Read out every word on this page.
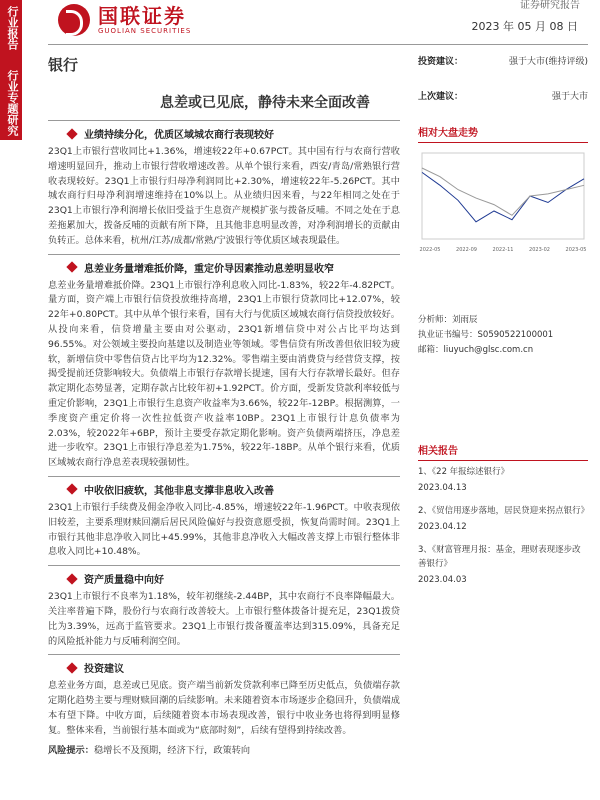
行业报告
行业专题研究
国联证券
GUOLIAN SECURITIES
证券研究报告
2023 年 05 月 08 日
银行
息差或已见底，静待未来全面改善
业绩持续分化，优质区域城农商行表现较好

23Q1上市银行营收同比+1.36%，增速较22年+0.67PCT。其中国有行与农商行营收增速明显回升，推动上市银行营收增速改善。从单个银行来看，西安/青岛/常熟银行营收表现较好。23Q1上市银行归母净利润同比+2.30%，增速较22年-5.26PCT。其中城农商行归母净利润增速维持在10%以上。从业绩归因来看，与22年相同之处在于23Q1上市银行净利润增长依旧受益于生息资产规模扩张与拨备反哺。不同之处在于息差拖累加大，拨备反哺的贡献有所下降，且其他非息明显改善，对净利润增长的贡献由负转正。总体来看，杭州/江苏/成都/常熟/宁波银行等优质区域表现最佳。

息差业务量增难抵价降，重定价导因素推动息差明显收窄

息差业务量增难抵价降。23Q1上市银行净利息收入同比-1.83%，较22年-4.82PCT。量方面，资产端上市银行信贷投放维持高增，23Q1上市银行贷款同比+12.07%，较22年+0.80PCT。其中从单个银行来看，国有大行与优质区域城农商行信贷投放较好。从投向来看，信贷增量主要由对公驱动，23Q1新增信贷中对公占比平均达到96.55%。对公领域主要投向基建以及制造业等领域。零售信贷有所改善但依旧较为疲软，新增信贷中零售信贷占比平均为12.32%。零售端主要由消费贷与经营贷支撑，按揭受提前还贷影响较大。负债端上市银行存款增长提速，国有大行存款增长最好。但存款定期化态势显著，定期存款占比较年初+1.92PCT。价方面，受新发贷款利率较低与重定价影响，23Q1上市银行生息资产收益率为3.66%，较22年-12BP。根据测算，一季度资产重定价将一次性拉低资产收益率10BP。23Q1上市银行计息负债率为2.03%，较2022年+6BP，预计主要受存款定期化影响。资产负债两端挤压，净息差进一步收窄。23Q1上市银行净息差为1.75%，较22年-18BP。从单个银行来看，优质区域城农商行净息差表现较强韧性。

中收依旧疲软，其他非息支撑非息收入改善

23Q1上市银行手续费及佣金净收入同比-4.85%，增速较22年-1.96PCT。中收表现依旧较差，主要系理财赎回潮后居民风险偏好与投资意愿受损，恢复尚需时间。23Q1上市银行其他非息净收入同比+45.99%，其他非息净收入大幅改善支撑上市银行整体非息收入同比+10.48%。

资产质量稳中向好

23Q1上市银行不良率为1.18%，较年初继续-2.44BP，其中农商行不良率降幅最大。关注率普遍下降，股份行与农商行改善较大。上市银行整体拨备计提充足，23Q1拨贷比为3.39%，远高于监管要求。23Q1上市银行拨备覆盖率达到315.09%，具备充足的风险抵补能力与反哺利润空间。

投资建议

息差业务方面，息差或已见底。资产端当前新发贷款利率已降至历史低点，负债端存款定期化趋势主要与理财赎回潮的后续影响。未来随着资本市场逐步企稳回升，负债端成本有望下降。中收方面，后续随着资本市场表现改善，银行中收业务也将得到明显修复。整体来看，当前银行基本面或为“底部时刻”，后续有望得到持续改善。

风险提示：稳增长不及预期，经济下行，政策转向

投资建议：	强于大市(维持评级)
上次建议：	强于大市
相对大盘走势
2022-05	2022-09	2022-11	2023-02	2023-05
分析师：刘雨辰
执业证书编号：S0590522100001
邮箱：liuyuch@glsc.com.cn
相关报告
1、《22 年报综述银行》
2023.04.13
2、《贸信用逐步落地，居民贷迎来拐点银行》
2023.04.12
3、《财富管理月报：基金，理财表现逐步改善银行》
2023.04.03
